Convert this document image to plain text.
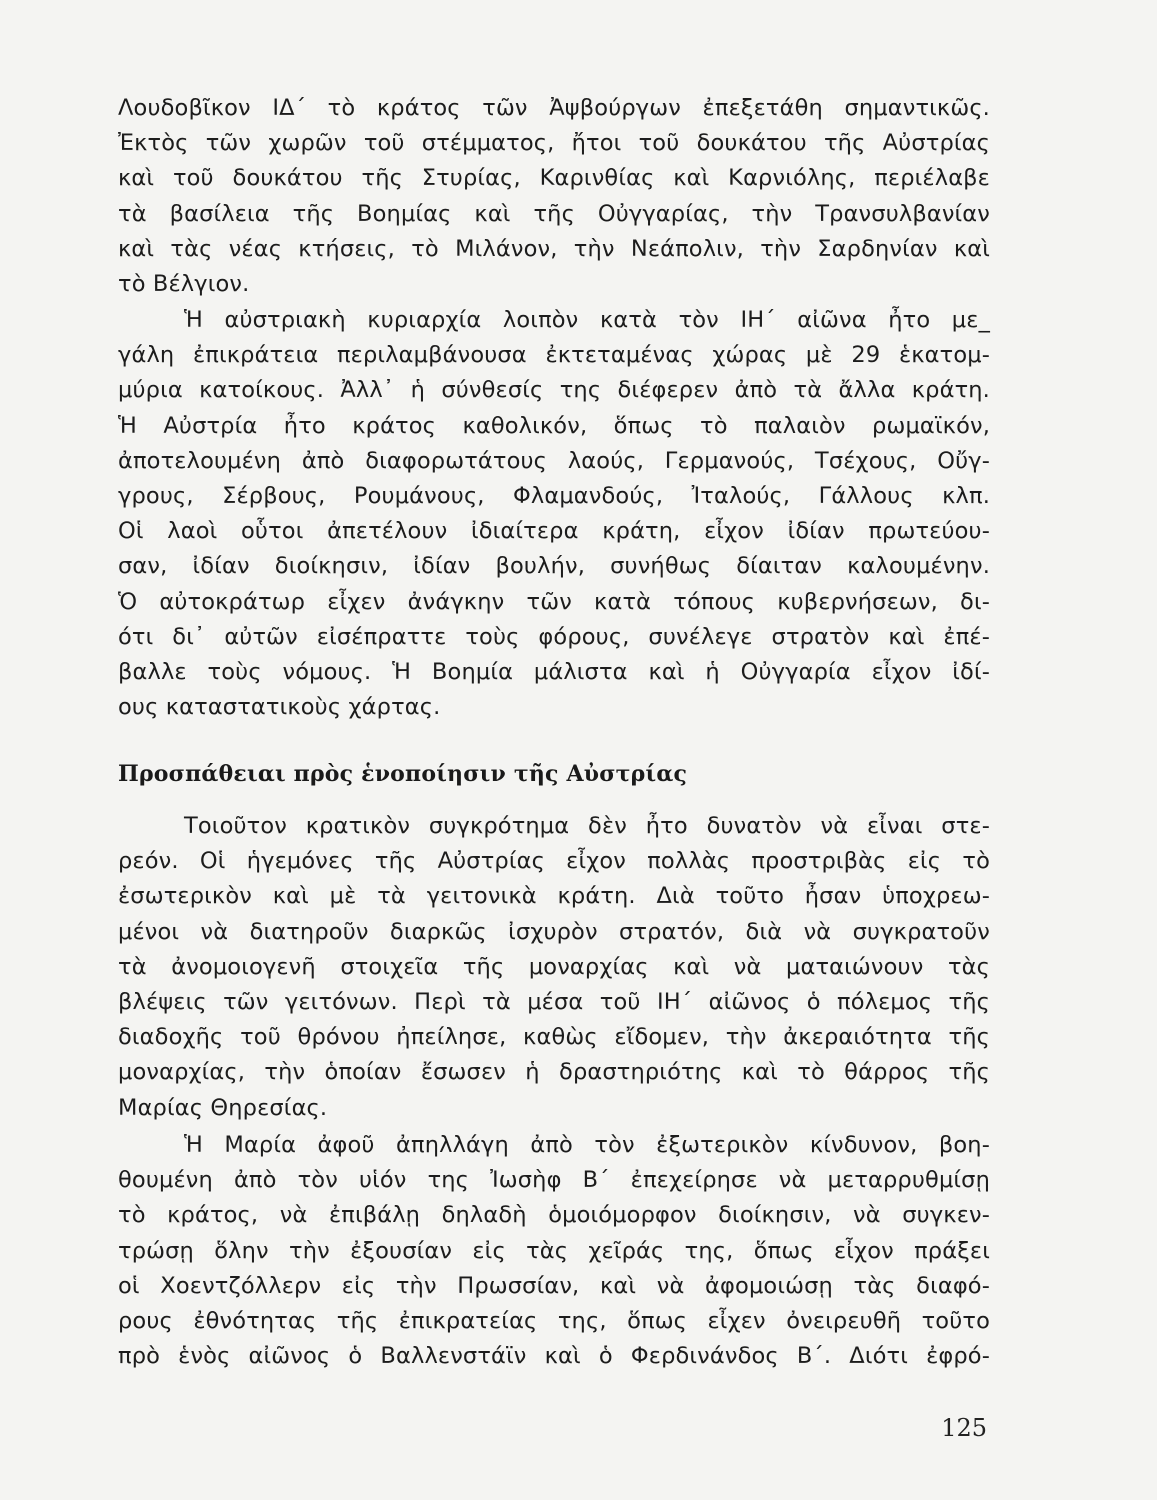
Λουδοβῖκον ΙΔ΄ τὸ κράτος τῶν Ἀψβούργων ἐπεξετάθη σημαντικῶς.
Ἐκτὸς τῶν χωρῶν τοῦ στέμματος, ἤτοι τοῦ δουκάτου τῆς Αὐστρίας
καὶ τοῦ δουκάτου τῆς Στυρίας, Καρινθίας καὶ Καρνιόλης, περιέλαβε
τὰ βασίλεια τῆς Βοημίας καὶ τῆς Οὐγγαρίας, τὴν Τρανσυλβανίαν
καὶ τὰς νέας κτήσεις, τὸ Μιλάνον, τὴν Νεάπολιν, τὴν Σαρδηνίαν καὶ
τὸ Βέλγιον.
Ἡ αὐστριακὴ κυριαρχία λοιπὸν κατὰ τὸν ΙΗ΄ αἰῶνα ἦτο με_
γάλη ἐπικράτεια περιλαμβάνουσα ἐκτεταμένας χώρας μὲ 29 ἑκατομ-
μύρια κατοίκους. Ἀλλ᾽ ἡ σύνθεσίς της διέφερεν ἀπὸ τὰ ἄλλα κράτη.
Ἡ Αὐστρία ἦτο κράτος καθολικόν, ὅπως τὸ παλαιὸν ρωμαϊκόν,
ἀποτελουμένη ἀπὸ διαφορωτάτους λαούς, Γερμανούς, Τσέχους, Οὔγ-
γρους, Σέρβους, Ρουμάνους, Φλαμανδούς, Ἰταλούς, Γάλλους κλπ.
Οἱ λαοὶ οὗτοι ἀπετέλουν ἰδιαίτερα κράτη, εἶχον ἰδίαν πρωτεύου-
σαν, ἰδίαν διοίκησιν, ἰδίαν βουλήν, συνήθως δίαιταν καλουμένην.
Ὁ αὐτοκράτωρ εἶχεν ἀνάγκην τῶν κατὰ τόπους κυβερνήσεων, δι-
ότι δι᾽ αὐτῶν εἰσέπραττε τοὺς φόρους, συνέλεγε στρατὸν καὶ ἐπέ-
βαλλε τοὺς νόμους. Ἡ Βοημία μάλιστα καὶ ἡ Οὐγγαρία εἶχον ἰδί-
ους καταστατικοὺς χάρτας.
Προσπάθειαι πρὸς ἑνοποίησιν τῆς Αὐστρίας
Τοιοῦτον κρατικὸν συγκρότημα δὲν ἦτο δυνατὸν νὰ εἶναι στε-
ρεόν. Οἱ ἡγεμόνες τῆς Αὐστρίας εἶχον πολλὰς προστριβὰς εἰς τὸ
ἐσωτερικὸν καὶ μὲ τὰ γειτονικὰ κράτη. Διὰ τοῦτο ἦσαν ὑποχρεω-
μένοι νὰ διατηροῦν διαρκῶς ἰσχυρὸν στρατόν, διὰ νὰ συγκρατοῦν
τὰ ἀνομοιογενῆ στοιχεῖα τῆς μοναρχίας καὶ νὰ ματαιώνουν τὰς
βλέψεις τῶν γειτόνων. Περὶ τὰ μέσα τοῦ ΙΗ΄ αἰῶνος ὁ πόλεμος τῆς
διαδοχῆς τοῦ θρόνου ἠπείλησε, καθὼς εἴδομεν, τὴν ἀκεραιότητα τῆς
μοναρχίας, τὴν ὁποίαν ἔσωσεν ἡ δραστηριότης καὶ τὸ θάρρος τῆς
Μαρίας Θηρεσίας.
Ἡ Μαρία ἀφοῦ ἀπηλλάγη ἀπὸ τὸν ἐξωτερικὸν κίνδυνον, βοη-
θουμένη ἀπὸ τὸν υἱόν της Ἰωσὴφ Β΄ ἐπεχείρησε νὰ μεταρρυθμίσῃ
τὸ κράτος, νὰ ἐπιβάλῃ δηλαδὴ ὁμοιόμορφον διοίκησιν, νὰ συγκεν-
τρώσῃ ὅλην τὴν ἐξουσίαν εἰς τὰς χεῖράς της, ὅπως εἶχον πράξει
οἱ Χοεντζόλλερν εἰς τὴν Πρωσσίαν, καὶ νὰ ἀφομοιώσῃ τὰς διαφό-
ρους ἐθνότητας τῆς ἐπικρατείας της, ὅπως εἶχεν ὀνειρευθῆ τοῦτο
πρὸ ἑνὸς αἰῶνος ὁ Βαλλενστάϊν καὶ ὁ Φερδινάνδος Β΄. Διότι ἐφρό-
125
